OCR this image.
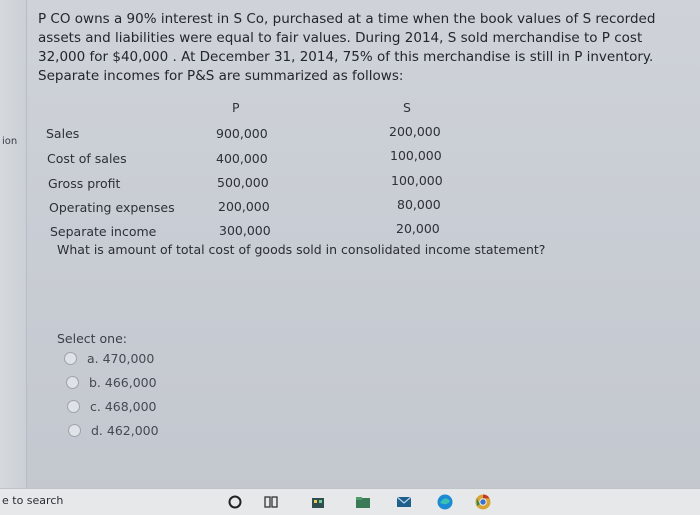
ion
P CO owns a 90% interest in S Co, purchased at a time when the book values of S recorded assets and liabilities were equal to fair values. During 2014, S sold merchandise to P cost 32,000 for $40,000 . At December 31, 2014, 75% of this merchandise is still in P inventory. Separate incomes for P&S are summarized as follows:
P	S
Sales	900,000	200,000
Cost of sales	400,000	100,000
Gross profit	500,000	100,000
Operating expenses	200,000	80,000
Separate income	300,000	20,000
What is amount of total cost of goods sold in consolidated income statement?
Select one:
a. 470,000
b. 466,000
c. 468,000
d. 462,000
e to search
